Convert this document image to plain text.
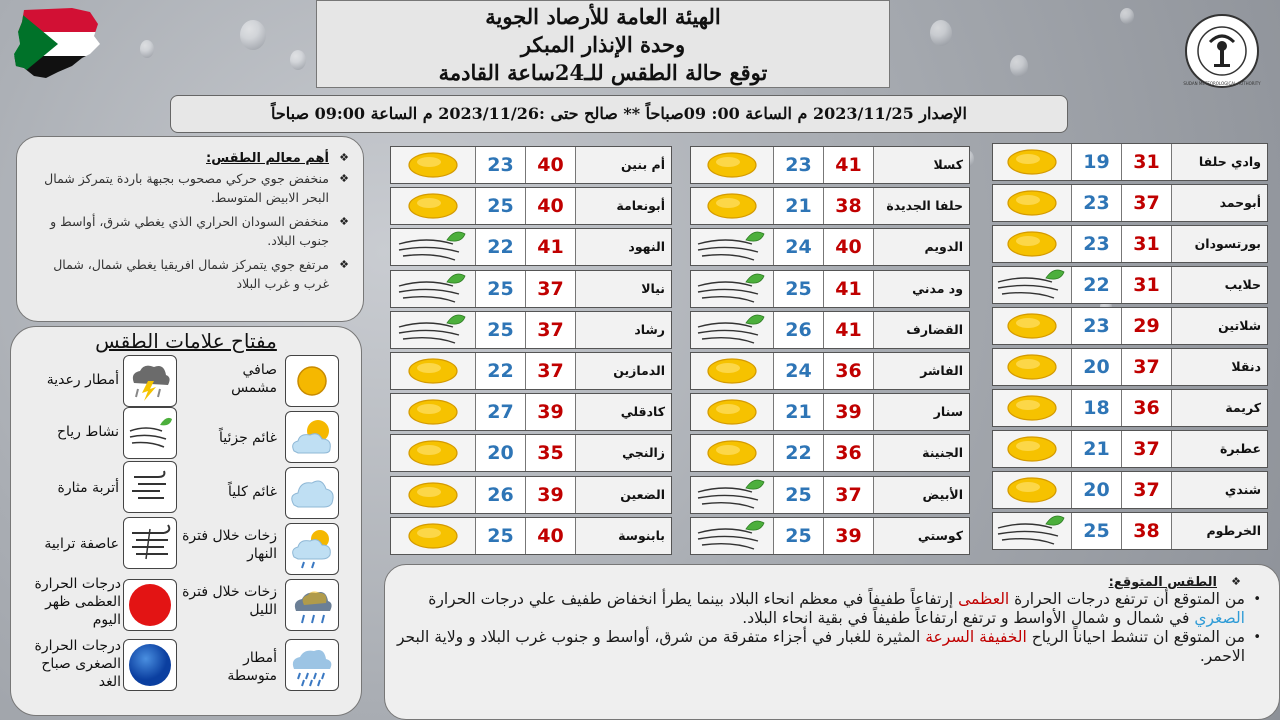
الهيئة العامة للأرصاد الجوية
وحدة الإنذار المبكر
توقع حالة الطقس للـ24ساعة القادمة	SUDAN METEOROLOGICAL AUTHORITY
الإصدار 2023/11/25 م الساعة 00: 09صباحاً ** صالح حتى :2023/11/26 م الساعة 09:00 صباحاً
❖ أهم معالم الطقس:
❖ منخفض جوي حركي مصحوب بجبهة باردة يتمركز شمال البحر الابيض المتوسط.
❖ منخفض السودان الحراري الذي يغطي شرق، أواسط و جنوب البلاد.
❖ مرتفع جوي يتمركز شمال افريقيا يغطي شمال، شمال غرب و غرب البلاد
مفتاح علامات الطقس
صافي مشمس
أمطار رعدية
غائم جزئياً
نشاط رياح
غائم كلياً
أتربة مثارة
زخات خلال فترة النهار
عاصفة ترابية
زخات خلال فترة الليل
درجات الحرارة العظمى ظهر اليوم
أمطار متوسطة
درجات الحرارة الصغرى صباح الغد
وادي حلفا
31
19
أبوحمد
37
23
بورتسودان
31
23
حلايب
31
22
شلاتين
29
23
دنقلا
37
20
كريمة
36
18
عطبرة
37
21
شندي
37
20
الخرطوم
38
25
كسلا
41
23
حلفا الجديدة
38
21
الدويم
40
24
ود مدني
41
25
القضارف
41
26
الفاشر
36
24
سنار
39
21
الجنينة
36
22
الأبيض
37
25
كوستي
39
25
أم بنين
40
23
أبونعامة
40
25
النهود
41
22
نيالا
37
25
رشاد
37
25
الدمازين
37
22
كادقلي
39
27
زالنجي
35
20
الضعين
39
26
بابنوسة
40
25
❖ الطقس المتوقع:

• من المتوقع أن ترتفع درجات الحرارة العظمى إرتفاعاً طفيفاً في معظم انحاء البلاد بينما يطرأ انخفاض طفيف علي درجات الحرارة الصغري في شمال و شمال الأواسط و ترتفع ارتفاعاً طفيفاً في بقية انحاء البلاد.

• من المتوقع ان تنشط احياناً الرياح الخفيفة السرعة المثيرة للغبار في أجزاء متفرقة من شرق، أواسط و جنوب غرب البلاد و ولاية البحر الاحمر.
